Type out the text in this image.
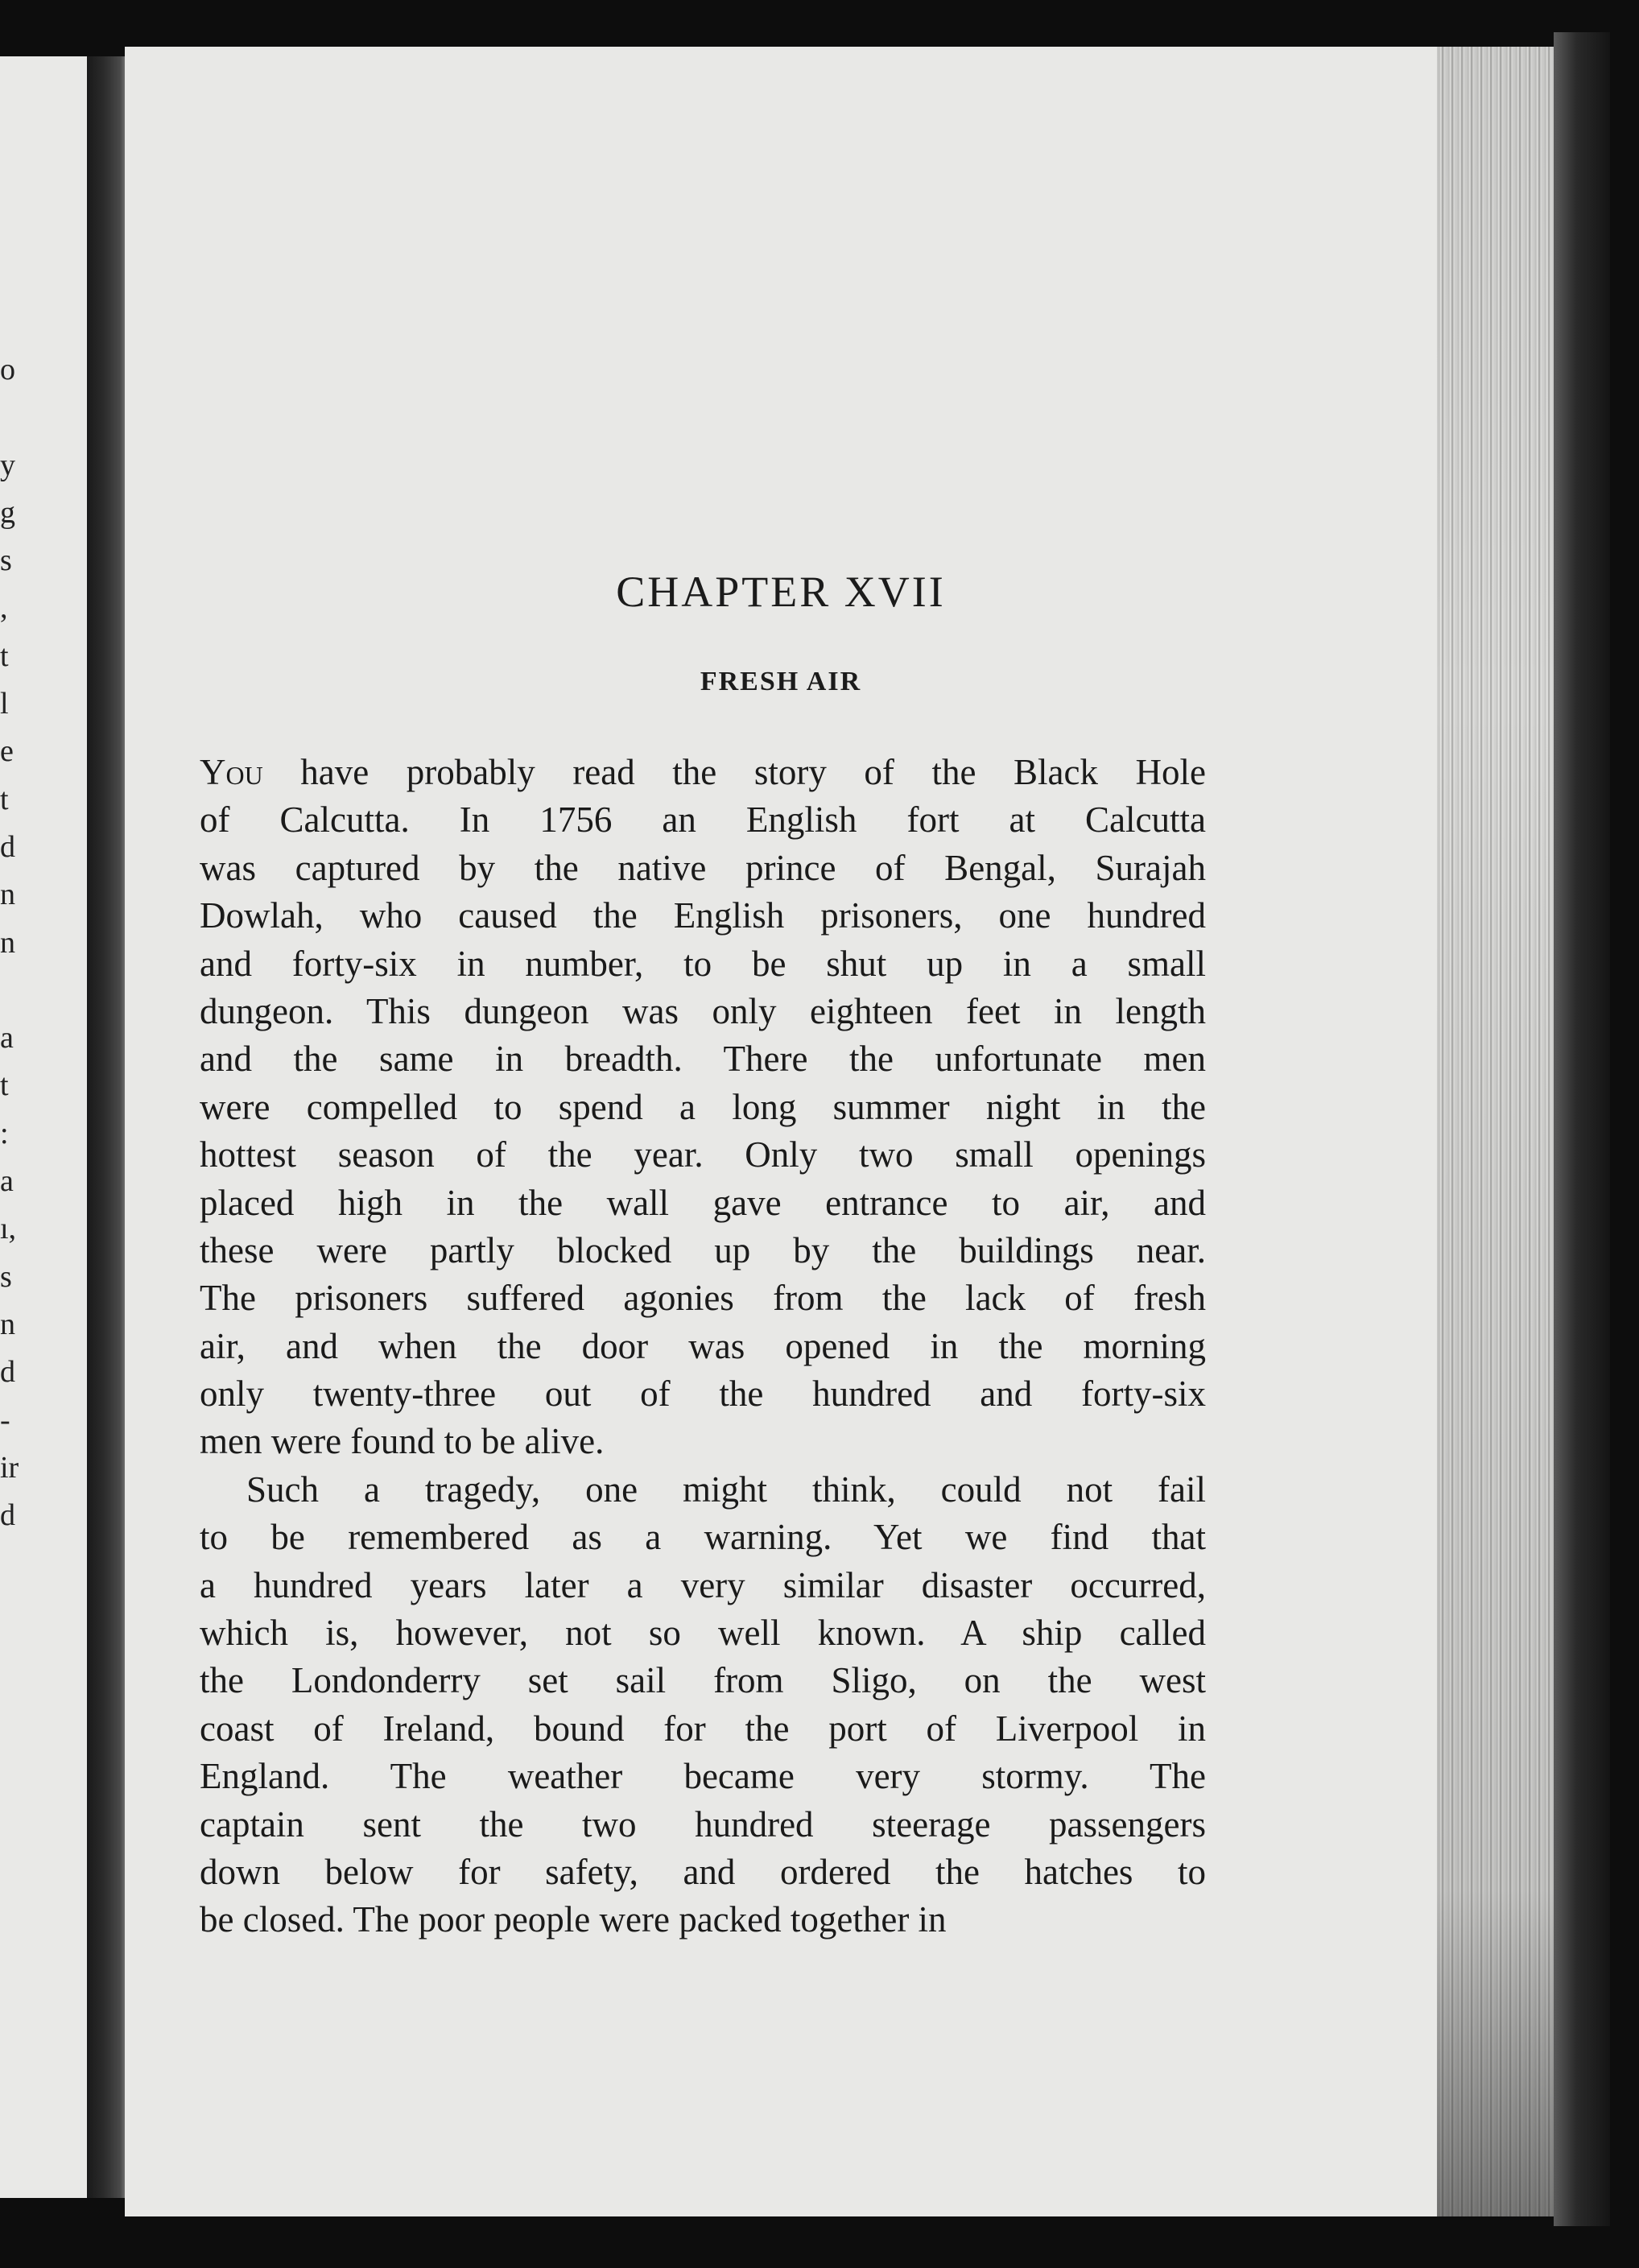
o
y
g
s
,
t
l
e
t
d
n
n
a
t
:
a
ı,
s
n
d
-
ir
d
CHAPTER XVII
FRESH AIR
You have probably read the story of the Black Hole
of Calcutta. In 1756 an English fort at Calcutta
was captured by the native prince of Bengal, Surajah
Dowlah, who caused the English prisoners, one hundred
and forty-six in number, to be shut up in a small
dungeon. This dungeon was only eighteen feet in length
and the same in breadth. There the unfortunate men
were compelled to spend a long summer night in the
hottest season of the year. Only two small openings
placed high in the wall gave entrance to air, and
these were partly blocked up by the buildings near.
The prisoners suffered agonies from the lack of fresh
air, and when the door was opened in the morning
only twenty-three out of the hundred and forty-six
men were found to be alive.
Such a tragedy, one might think, could not fail
to be remembered as a warning. Yet we find that
a hundred years later a very similar disaster occurred,
which is, however, not so well known. A ship called
the Londonderry set sail from Sligo, on the west
coast of Ireland, bound for the port of Liverpool in
England. The weather became very stormy. The
captain sent the two hundred steerage passengers
down below for safety, and ordered the hatches to
be closed. The poor people were packed together in
